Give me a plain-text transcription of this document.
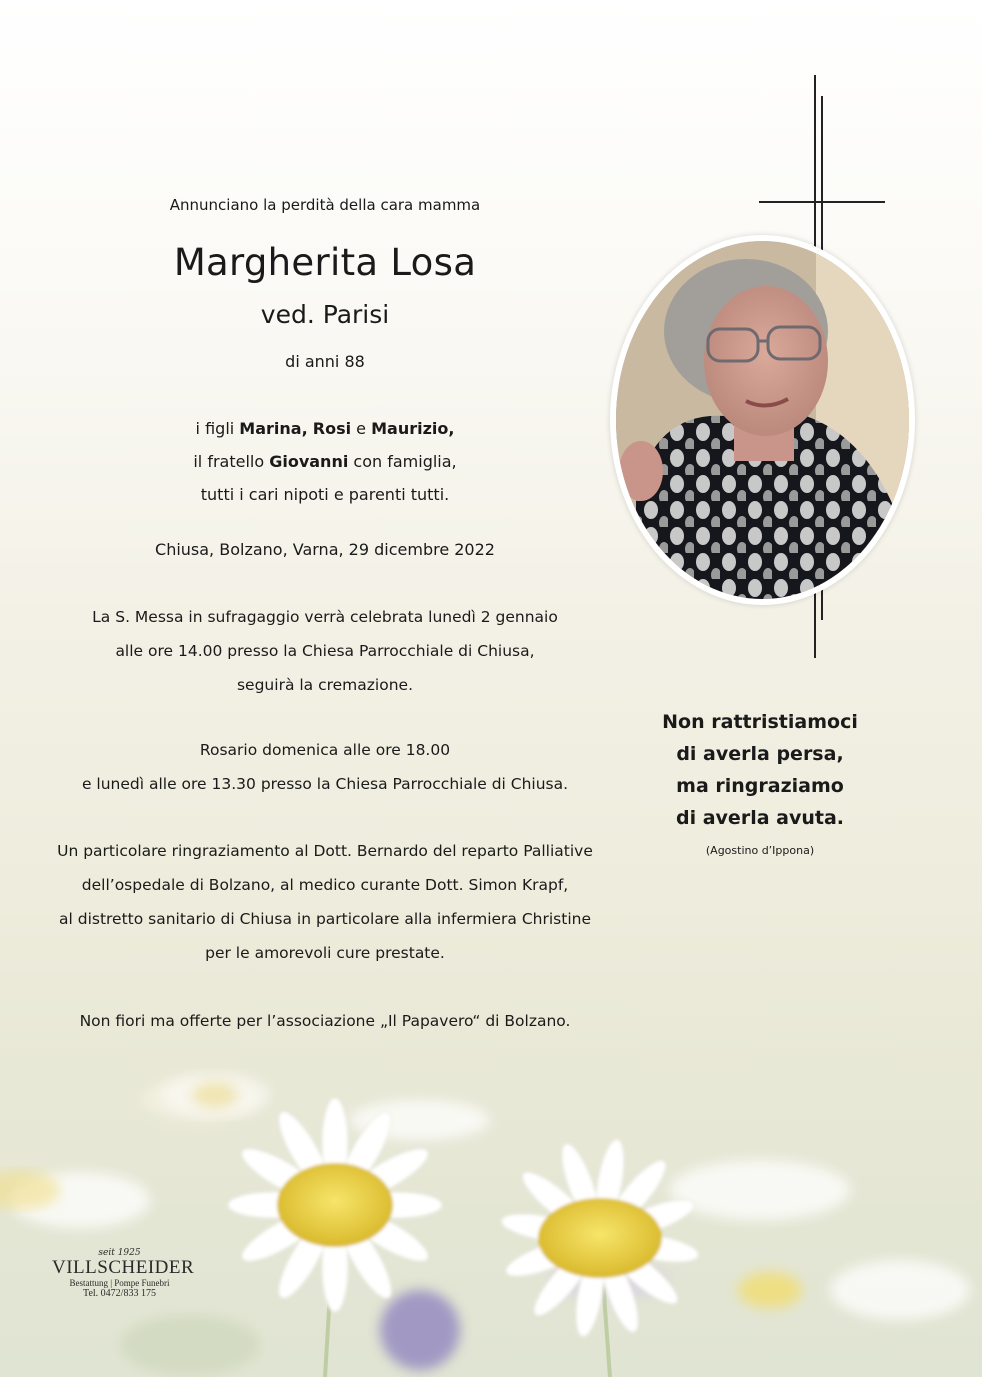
Annunciano la perdità della cara mamma
Margherita Losa
ved. Parisi
di anni 88
i figli Marina, Rosi e Maurizio,
il fratello Giovanni con famiglia,
tutti i cari nipoti e parenti tutti.
Chiusa, Bolzano, Varna, 29 dicembre 2022
La S. Messa in sufragaggio verrà celebrata lunedì 2 gennaio
alle ore 14.00 presso la Chiesa Parrocchiale di Chiusa,
seguirà la cremazione.
Rosario domenica alle ore 18.00
e lunedì alle ore 13.30 presso la Chiesa Parrocchiale di Chiusa.
Un particolare ringraziamento al Dott. Bernardo del reparto Palliative
dell’ospedale di Bolzano, al medico curante Dott. Simon Krapf,
al distretto sanitario di Chiusa in particolare alla infermiera Christine
per le amorevoli cure prestate.
Non fiori ma offerte per l’associazione „Il Papavero“ di Bolzano.
Non rattristiamoci
di averla persa,
ma ringraziamo
di averla avuta.
(Agostino d’Ippona)
seit 1925
VILLSCHEIDER
Bestattung | Pompe Funebri
Tel. 0472/833 175
